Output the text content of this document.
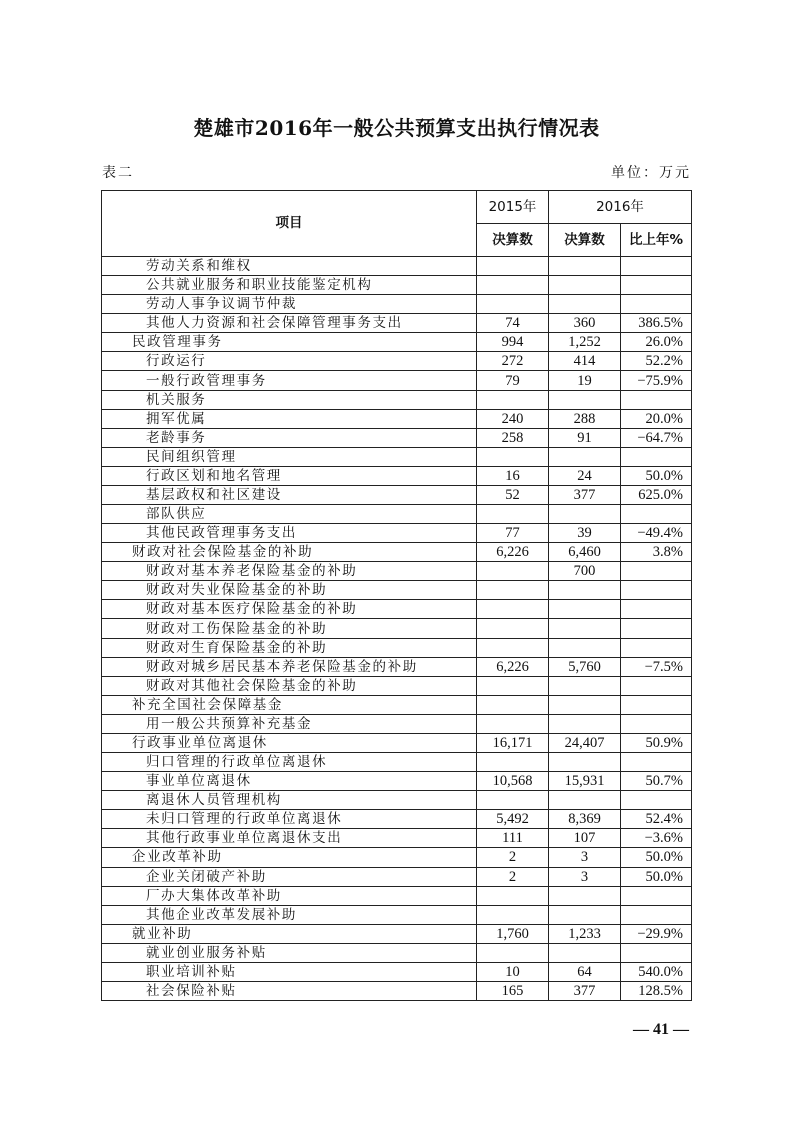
楚雄市2016年一般公共预算支出执行情况表
表二	单位：万元
项目	2015年	2016年	
	决算数	决算数	比上年%
劳动关系和维权			
公共就业服务和职业技能鉴定机构			
劳动人事争议调节仲裁			
其他人力资源和社会保障管理事务支出	74	360	386.5%
民政管理事务	994	1,252	26.0%
行政运行	272	414	52.2%
一般行政管理事务	79	19	−75.9%
机关服务			
拥军优属	240	288	20.0%
老龄事务	258	91	−64.7%
民间组织管理			
行政区划和地名管理	16	24	50.0%
基层政权和社区建设	52	377	625.0%
部队供应			
其他民政管理事务支出	77	39	−49.4%
财政对社会保险基金的补助	6,226	6,460	3.8%
财政对基本养老保险基金的补助		700	
财政对失业保险基金的补助			
财政对基本医疗保险基金的补助			
财政对工伤保险基金的补助			
财政对生育保险基金的补助			
财政对城乡居民基本养老保险基金的补助	6,226	5,760	−7.5%
财政对其他社会保险基金的补助			
补充全国社会保障基金			
用一般公共预算补充基金			
行政事业单位离退休	16,171	24,407	50.9%
归口管理的行政单位离退休			
事业单位离退休	10,568	15,931	50.7%
离退休人员管理机构			
未归口管理的行政单位离退休	5,492	8,369	52.4%
其他行政事业单位离退休支出	111	107	−3.6%
企业改革补助	2	3	50.0%
企业关闭破产补助	2	3	50.0%
厂办大集体改革补助			
其他企业改革发展补助			
就业补助	1,760	1,233	−29.9%
就业创业服务补贴			
职业培训补贴	10	64	540.0%
社会保险补贴	165	377	128.5%
— 41 —
